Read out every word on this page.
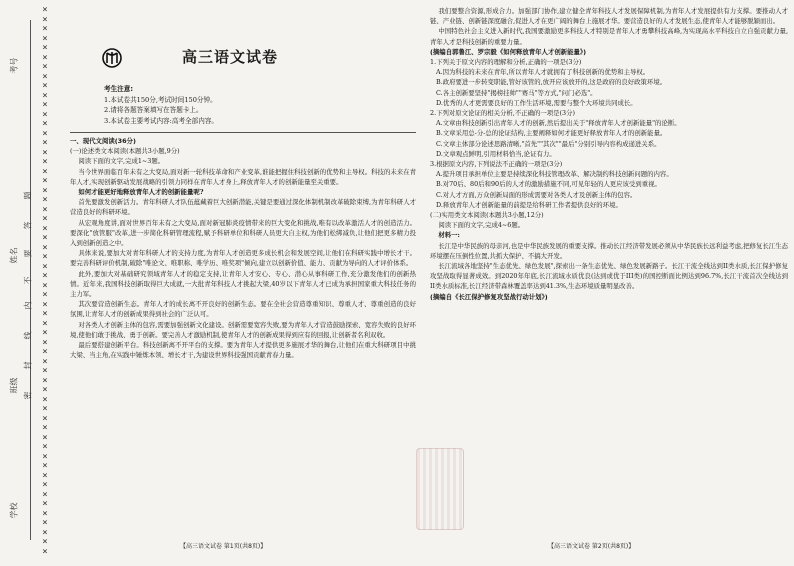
×
×
×
×
×
×
×
×
×
×
×
×
×
×
×
×
×
×
×
×
×
×
×
×
×
×
×
×
×
×
×
×
×
×
×
×
×
×
×
×
×
×
×
×
×
×
×
×
×
×
×
×
×
×
×
×
×
×
考号
姓名
班级
学校
题
答
要
不
内
线
封
密
高三语文试卷
考生注意:
1.本试卷共150分,考试时间150分钟。
2.请将各题答案填写在答题卡上。
3.本试卷主要考试内容:高考全部内容。

一、现代文阅读(36分)

(一)论述类文本阅读(本题共3小题,9分)

阅读下面的文字,完成1~3题。

当今世界面临百年未有之大变局,面对新一轮科技革命和产业变革,谁能把握住科技创新的优势和主导权。科技的未来在青年人才,实现创新驱动发展战略的引领力同样在青年人才身上,释放青年人才的创新能量至关重要。

如何才能更好地释放青年人才的创新能量呢?

首先要激发创新活力。青年科研人才队伍蕴藏着巨大创新潜能,关键是要通过深化体制机制改革破除束缚,为青年科研人才营造良好的科研环境。

从宏观角度讲,面对世界百年未有之大变局,面对新冠肺炎疫情带来的巨大变化和挑战,唯有以改革激活人才的创造活力。要深化"放管服"改革,进一步简化科研管理流程,赋予科研单位和科研人员更大自主权,为他们松绑减负,让他们把更多精力投入到创新创造之中。

具体来说,要加大对青年科研人才的支持力度,为青年人才创造更多成长机会和发展空间,让他们在科研实践中增长才干。要完善科研评价机制,破除"唯论文、唯职称、唯学历、唯奖项"倾向,建立以创新价值、能力、贡献为导向的人才评价体系。

此外,要加大对基础研究领域青年人才的稳定支持,让青年人才安心、专心、潜心从事科研工作,充分激发他们的创新热情。近年来,我国科技创新取得巨大成就,一大批青年科技人才挑起大梁,40岁以下青年人才已成为承担国家重大科技任务的主力军。

其次要营造创新生态。青年人才的成长离不开良好的创新生态。要在全社会营造尊重知识、尊重人才、尊重创造的良好氛围,让青年人才的创新成果得到社会的广泛认可。

对各类人才创新主体的包容,需要加强创新文化建设。创新需要宽容失败,要为青年人才营造鼓励探索、宽容失败的良好环境,使他们敢于挑战、勇于创新。要完善人才激励机制,使青年人才的创新成果得到应有的回报,让创新者名利双收。

最后要搭建创新平台。科技创新离不开平台的支撑。要为青年人才提供更多施展才华的舞台,让他们在重大科研项目中挑大梁、当主角,在实践中锤炼本领、增长才干,为建设世界科技强国贡献青春力量。

【高三语文试卷 第1页(共8页)】

我们要整合资源,形成合力。加强部门协作,建立健全青年科技人才发展保障机制,为青年人才发展提供有力支撑。要推动人才链、产业链、创新链深度融合,促进人才在更广阔的舞台上施展才华。要营造良好的人才发展生态,使青年人才能够脱颖而出。

中国特色社会主义进入新时代,我国要激励更多科技人才特别是青年人才勇攀科技高峰,为实现高水平科技自立自强贡献力量,青年人才是科技创新的重要力量。

(摘编自郭鲁江、罗宗毅《如何释放青年人才创新能量》)

1.下列关于原文内容的理解和分析,正确的一项是(3分)

A.因为科技的未来在青年,所以青年人才就拥有了科技创新的优势和主导权。

B.政府要进一步转变职能,管好该管的,放开应该放开的,这是政府的良好政策环境。

C.各主创新要坚持"揭榜挂帅""赛马"等方式,"问门必选"。

D.优秀的人才更需要良好的工作生活环境,需要与整个大环境共同成长。

2.下列对原文论证的相关分析,不正确的一项是(3分)

A.文章由科技创新引出青年人才的创新,然后提出关于"释放青年人才创新能量"的论断。

B.文章采用总-分-总的论证结构,主要阐释如何才能更好释放青年人才的创新能量。

C.文章主体部分论述思路清晰,"首先""其次""最后"分别引导内容构成递进关系。

D.文章观点鲜明,引用材料恰当,论证有力。

3.根据原文内容,下列说法不正确的一项是(3分)

A.提升项目承担单位主要是持续深化科技管理改革、解决制约科技创新问题的内容。

B.对70后、80后和90后的人才的激励措施不同,可见年轻的人更应该受到重视。

C.对人才方面,万众创新局面的形成需要对各类人才及创新主体的包容。

D.释放青年人才创新能量的前提是给科研工作者提供良好的环境。

(二)实用类文本阅读(本题共3小题,12分)

阅读下面的文字,完成4~6题。

材料一:

长江是中华民族的母亲河,也是中华民族发展的重要支撑。推动长江经济带发展必须从中华民族长远利益考虑,把修复长江生态环境摆在压倒性位置,共抓大保护、不搞大开发。

长江流域各地坚持"生态优先、绿色发展",探索出一条生态优先、绿色发展新路子。长江干流全线达到II类水质,长江保护修复攻坚战取得显著成效。到2020年年底,长江流域水质优良(达到或优于III类)的国控断面比例达到96.7%,长江干流首次全线达到II类水质标准,长江经济带森林覆盖率达到41.3%,生态环境质量明显改善。

(摘编自《长江保护修复攻坚战行动计划》)

【高三语文试卷 第2页(共8页)】
